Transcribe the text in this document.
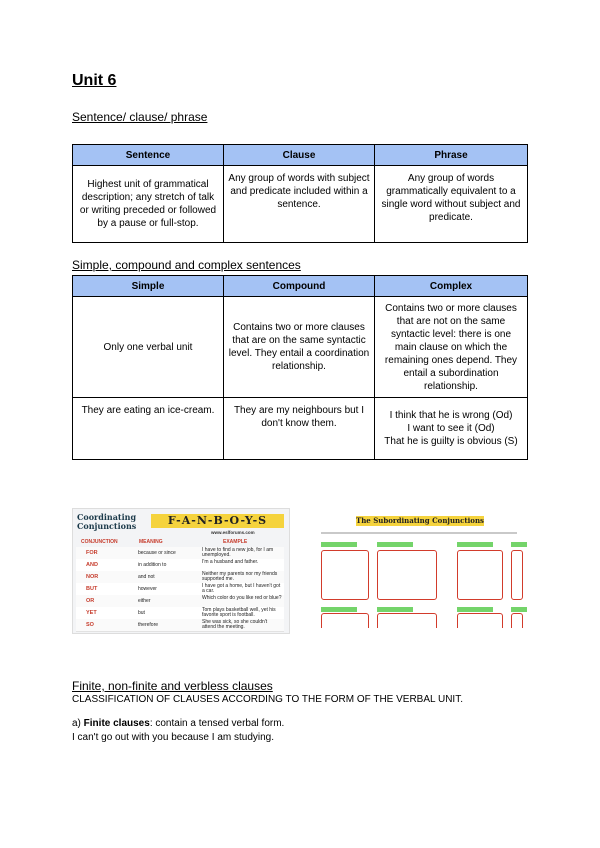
Unit 6
Sentence/ clause/ phrase
Sentence	Clause	Phrase
Highest unit of grammatical description; any stretch of talk or writing preceded or followed by a pause or full-stop.	Any group of words with subject and predicate included within a sentence.	Any group of words grammatically equivalent to a single word without subject and predicate.
Simple, compound and complex sentences
Simple	Compound	Complex
Only one verbal unit	Contains two or more clauses that are on the same syntactic level. They entail a coordination relationship.	Contains two or more clauses that are not on the same syntactic level: there is one main clause on which the remaining ones depend. They entail a subordination relationship.
They are eating an ice-cream.	They are my neighbours but I don't know them.	I think that he is wrong (Od)
I want to see it (Od)
That he is guilty is obvious (S)
Coordinating
Conjunctions	F-A-N-B-O-Y-S
www.eslforums.com
CONJUNCTION	MEANING	EXAMPLE
FOR	because or since	I have to find a new job, for I am unemployed.
AND	in addition to	I'm a husband and father.
NOR	and not	Neither my parents nor my friends supported me.
BUT	however	I have got a home, but I haven't got a car.
OR	either	Which color do you like red or blue?
YET	but	Tom plays basketball well, yet his favorite sport is football.
SO	therefore	She was sick, so she couldn't attend the meeting.
The Subordinating Conjunctions
Finite, non-finite and verbless clauses
CLASSIFICATION OF CLAUSES ACCORDING TO THE FORM OF THE VERBAL UNIT.
a) Finite clauses: contain a tensed verbal form.
I can't go out with you because I am studying.
